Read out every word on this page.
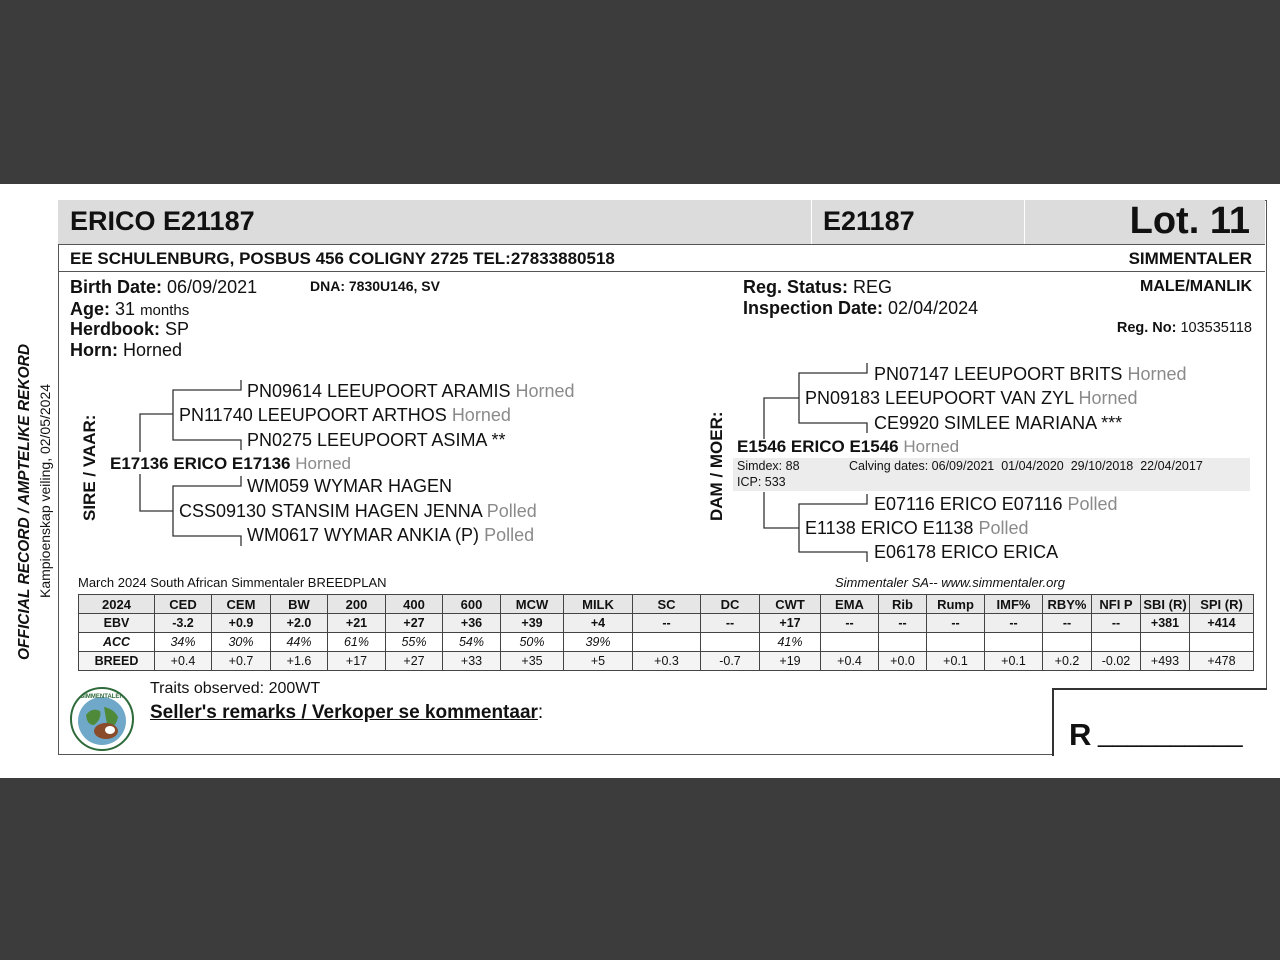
OFFICIAL RECORD / AMPTELIKE REKORD Kampioenskap veiling, 02/05/2024
ERICO E21187	E21187	Lot. 11
EE SCHULENBURG, POSBUS 456 COLIGNY 2725 TEL:27833880518	SIMMENTALER
Birth Date: 06/09/2021
Age: 31 months
Herdbook: SP
Horn: Horned
DNA: 7830U146, SV	Reg. Status: REG
Inspection Date: 02/04/2024
MALE/MANLIK
Reg. No: 103535118
SIRE / VAAR:
PN09614 LEEUPOORT ARAMIS Horned
PN11740 LEEUPOORT ARTHOS Horned
PN0275 LEEUPOORT ASIMA **
E17136 ERICO E17136 Horned
WM059 WYMAR HAGEN
CSS09130 STANSIM HAGEN JENNA Polled
WM0617 WYMAR ANKIA (P) Polled
DAM / MOER:
PN07147 LEEUPOORT BRITS Horned
PN09183 LEEUPOORT VAN ZYL Horned
CE9920 SIMLEE MARIANA ***
E1546 ERICO E1546 Horned
Simdex: 88
ICP: 533
Calving dates: 06/09/2021  01/04/2020  29/10/2018  22/04/2017
E07116 ERICO E07116 Polled
E1138 ERICO E1138 Polled
E06178 ERICO ERICA
March 2024 South African Simmentaler BREEDPLAN	Simmentaler SA-- www.simmentaler.org
2024	CED	CEM	BW	200	400	600	MCW	MILK	SC	DC	CWT	EMA	Rib	Rump	IMF%	RBY%	NFI P	SBI (R)	SPI (R)
EBV	-3.2	+0.9	+2.0	+21	+27	+36	+39	+4	--	--	+17	--	--	--	--	--	--	+381	+414
ACC	34%	30%	44%	61%	55%	54%	50%	39%			41%								
BREED	+0.4	+0.7	+1.6	+17	+27	+33	+35	+5	+0.3	-0.7	+19	+0.4	+0.0	+0.1	+0.1	+0.2	-0.02	+493	+478
SIMMENTALER Traits observed: 200WT
Seller's remarks / Verkoper se kommentaar:
R __________
